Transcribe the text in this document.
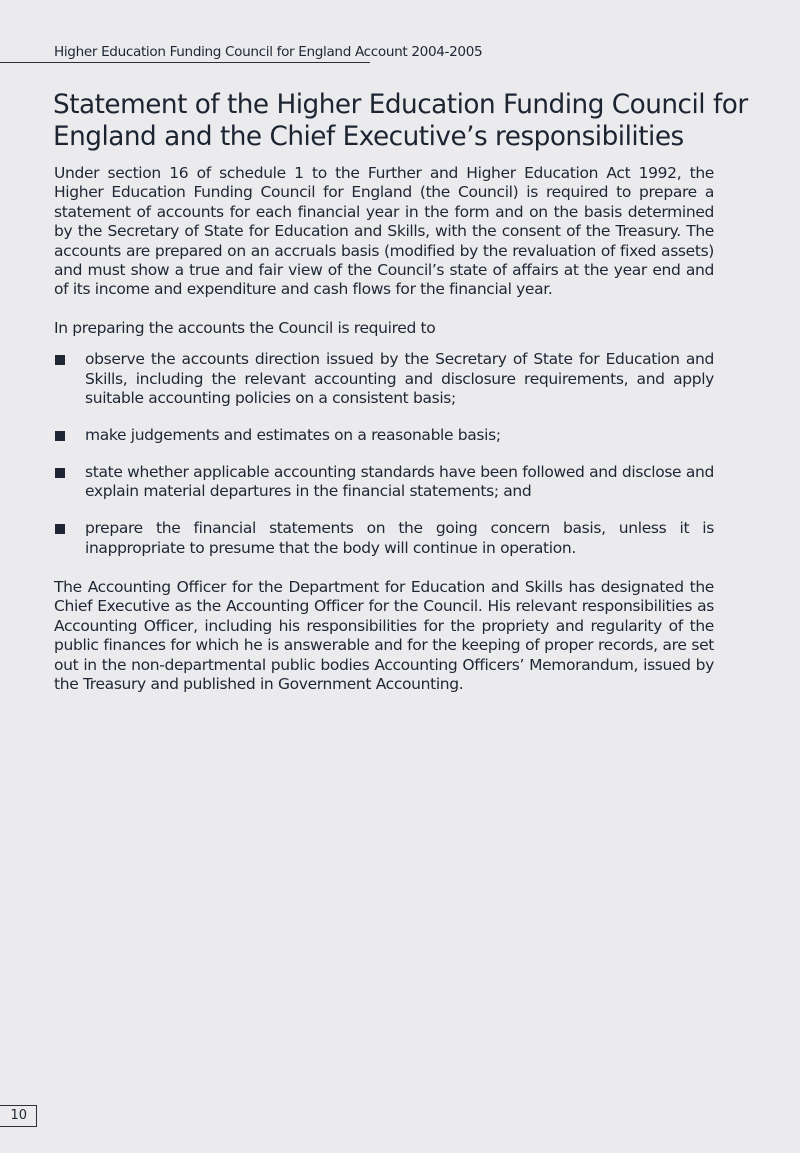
Higher Education Funding Council for England Account 2004-2005
Statement of the Higher Education Funding Council for England and the Chief Executive’s responsibilities

Under section 16 of schedule 1 to the Further and Higher Education Act 1992, the Higher Education Funding Council for England (the Council) is required to prepare a statement of accounts for each financial year in the form and on the basis determined by the Secretary of State for Education and Skills, with the consent of the Treasury. The accounts are prepared on an accruals basis (modified by the revaluation of fixed assets) and must show a true and fair view of the Council’s state of affairs at the year end and of its income and expenditure and cash flows for the financial year.

In preparing the accounts the Council is required to

observe the accounts direction issued by the Secretary of State for Education and Skills, including the relevant accounting and disclosure requirements, and apply suitable accounting policies on a consistent basis;
make judgements and estimates on a reasonable basis;
state whether applicable accounting standards have been followed and disclose and explain material departures in the financial statements; and
prepare the financial statements on the going concern basis, unless it is inappropriate to presume that the body will continue in operation.

The Accounting Officer for the Department for Education and Skills has designated the Chief Executive as the Accounting Officer for the Council. His relevant responsibilities as Accounting Officer, including his responsibilities for the propriety and regularity of the public finances for which he is answerable and for the keeping of proper records, are set out in the non-departmental public bodies Accounting Officers’ Memorandum, issued by the Treasury and published in Government Accounting.

10
